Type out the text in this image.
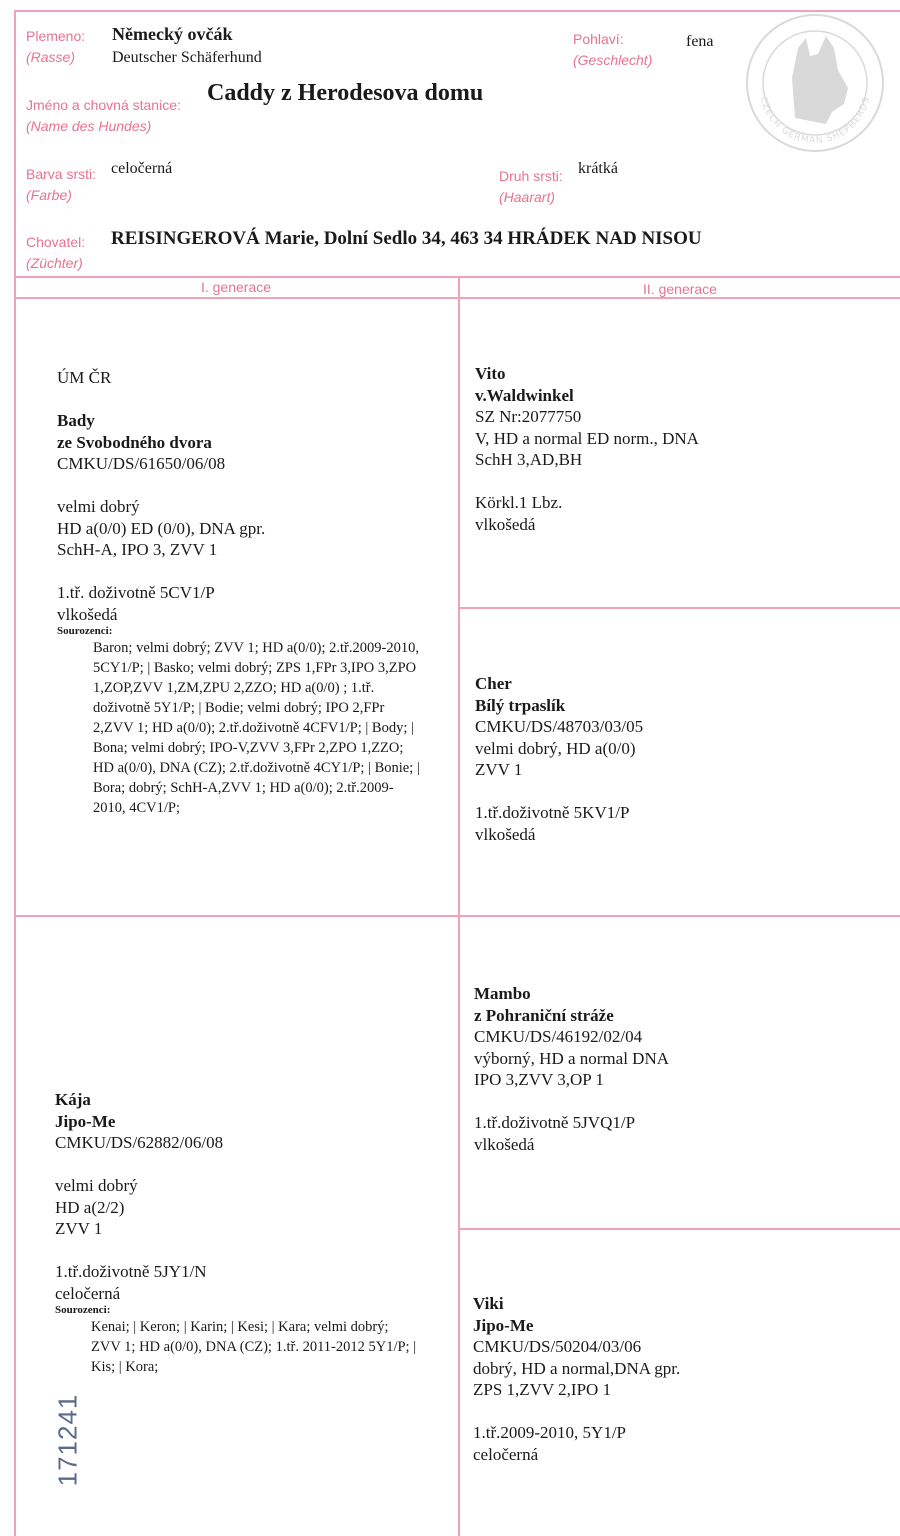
Plemeno:
(Rasse)
Německý ovčák
Deutscher Schäferhund
Pohlaví:
(Geschlecht)
fena
CZECH GERMAN SHEPHERDS
Jméno a chovná stanice:
(Name des Hundes)
Caddy z Herodesova domu
Barva srsti:
(Farbe)
celočerná	Druh srsti:
(Haarart)
krátká
Chovatel:
(Züchter)
REISINGEROVÁ Marie, Dolní Sedlo 34, 463 34 HRÁDEK NAD NISOU
I. generace	II. generace
ÚM ČR
Bady
ze Svobodného dvora
CMKU/DS/61650/06/08
velmi dobrý
HD a(0/0) ED (0/0), DNA gpr.
SchH-A, IPO 3, ZVV 1
1.tř. doživotně 5CV1/P
vlkošedá
Sourozenci:
Baron; velmi dobrý; ZVV 1; HD a(0/0); 2.tř.2009-2010, 5CY1/P; | Basko; velmi dobrý; ZPS 1,FPr 3,IPO 3,ZPO 1,ZOP,ZVV 1,ZM,ZPU 2,ZZO; HD a(0/0) ; 1.tř. doživotně 5Y1/P; | Bodie; velmi dobrý; IPO 2,FPr 2,ZVV 1; HD a(0/0); 2.tř.doživotně 4CFV1/P; | Body; | Bona; velmi dobrý; IPO-V,ZVV 3,FPr 2,ZPO 1,ZZO; HD a(0/0), DNA (CZ); 2.tř.doživotně 4CY1/P; | Bonie; | Bora; dobrý; SchH-A,ZVV 1; HD a(0/0); 2.tř.2009-2010, 4CV1/P;
Kája
Jipo-Me
CMKU/DS/62882/06/08
velmi dobrý
HD a(2/2)
ZVV 1
1.tř.doživotně 5JY1/N
celočerná
Sourozenci:
Kenai; | Keron; | Karin; | Kesi; | Kara; velmi dobrý; ZVV 1; HD a(0/0), DNA (CZ); 1.tř. 2011-2012 5Y1/P; | Kis; | Kora;
Vito
v.Waldwinkel
SZ Nr:2077750
V, HD a normal ED norm., DNA
SchH 3,AD,BH
Körkl.1 Lbz.
vlkošedá
Cher
Bílý trpaslík
CMKU/DS/48703/03/05
velmi dobrý, HD a(0/0)
ZVV 1
1.tř.doživotně 5KV1/P
vlkošedá
Mambo
z Pohraniční stráže
CMKU/DS/46192/02/04
výborný, HD a normal DNA
IPO 3,ZVV 3,OP 1
1.tř.doživotně 5JVQ1/P
vlkošedá
Viki
Jipo-Me
CMKU/DS/50204/03/06
dobrý, HD a normal,DNA gpr.
ZPS 1,ZVV 2,IPO 1
1.tř.2009-2010, 5Y1/P
celočerná
171241
